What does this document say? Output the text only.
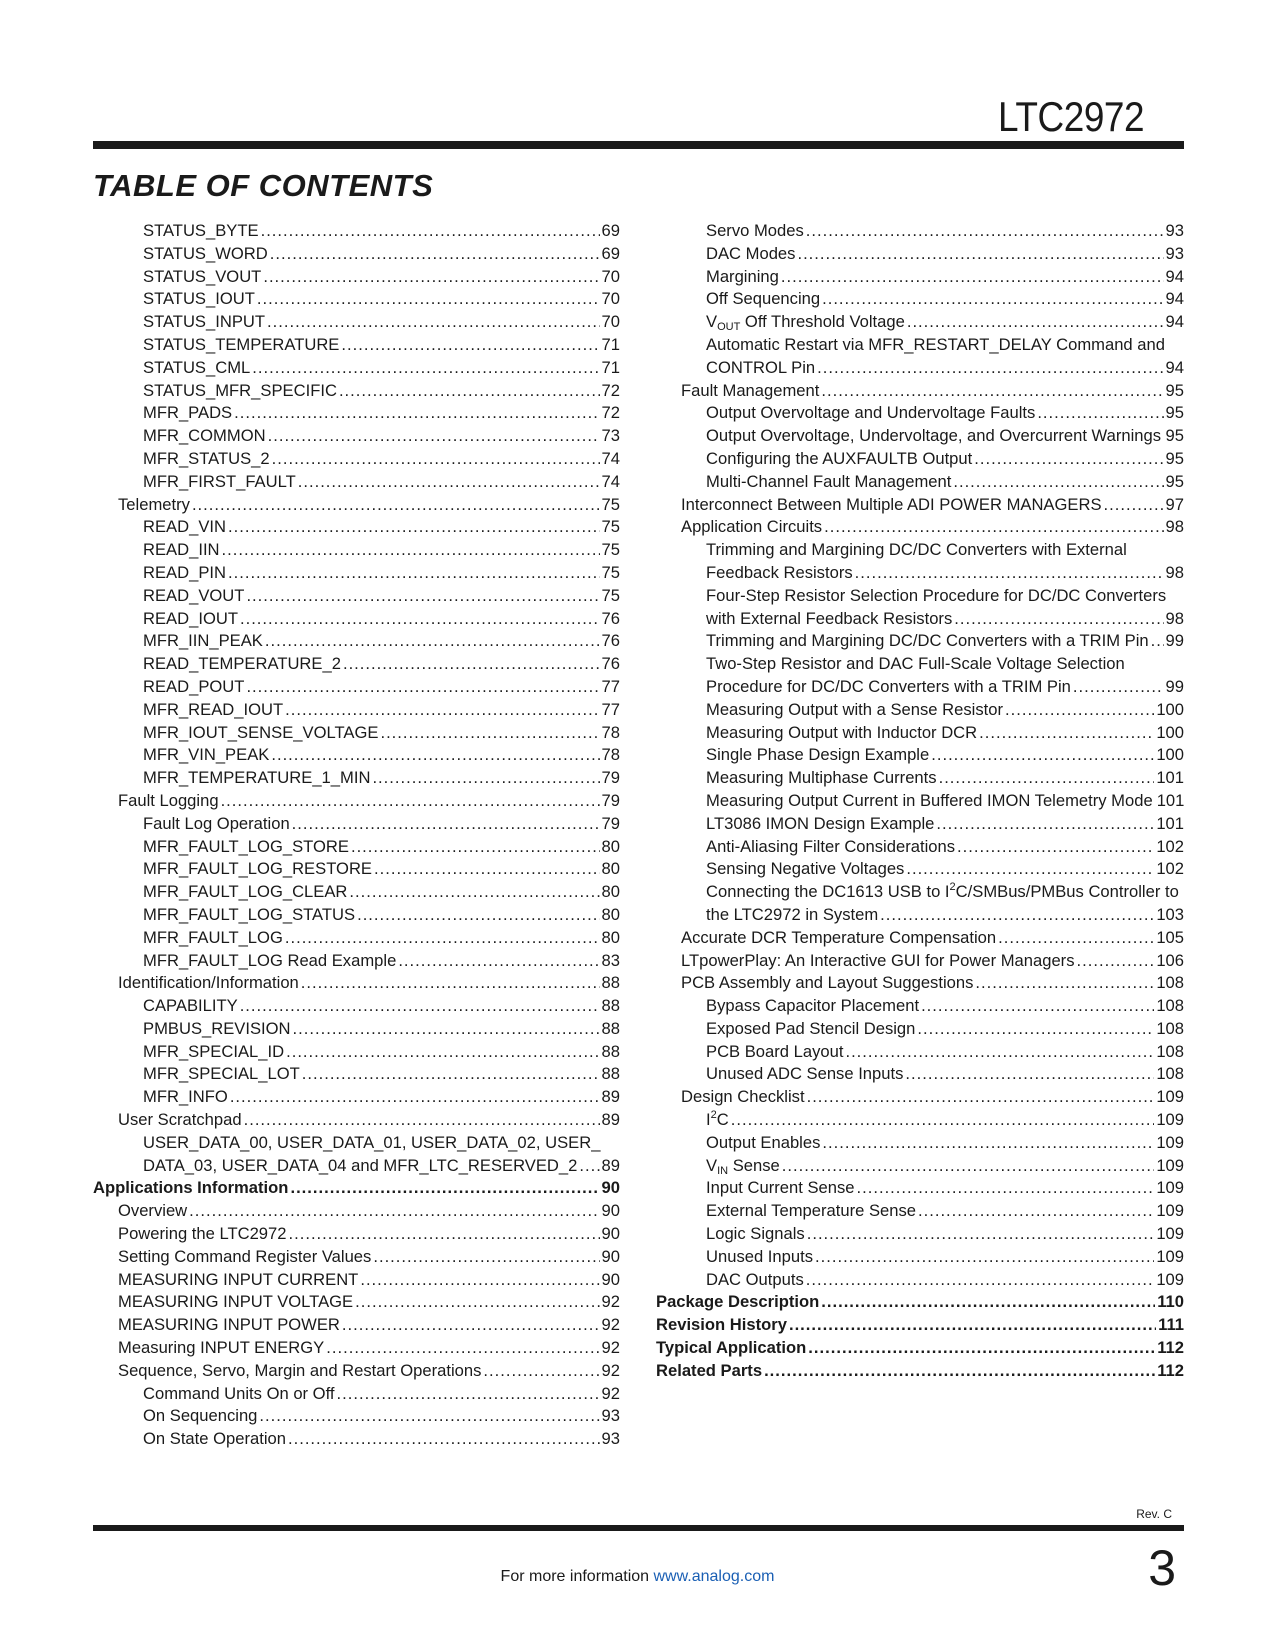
LTC2972
TABLE OF CONTENTS
STATUS_BYTE .....	69
STATUS_WORD .....	69
STATUS_VOUT .....	70
STATUS_IOUT .....	70
STATUS_INPUT .....	70
STATUS_TEMPERATURE .....	71
STATUS_CML .....	71
STATUS_MFR_SPECIFIC .....	72
MFR_PADS .....	72
MFR_COMMON .....	73
MFR_STATUS_2 .....	74
MFR_FIRST_FAULT .....	74
Telemetry .....	75
READ_VIN .....	75
READ_IIN .....	75
READ_PIN .....	75
READ_VOUT .....	75
READ_IOUT .....	76
MFR_IIN_PEAK .....	76
READ_TEMPERATURE_2 .....	76
READ_POUT .....	77
MFR_READ_IOUT .....	77
MFR_IOUT_SENSE_VOLTAGE .....	78
MFR_VIN_PEAK .....	78
MFR_TEMPERATURE_1_MIN .....	79
Fault Logging .....	79
Fault Log Operation .....	79
MFR_FAULT_LOG_STORE .....	80
MFR_FAULT_LOG_RESTORE .....	80
MFR_FAULT_LOG_CLEAR .....	80
MFR_FAULT_LOG_STATUS .....	80
MFR_FAULT_LOG .....	80
MFR_FAULT_LOG Read Example .....	83
Identification/Information .....	88
CAPABILITY .....	88
PMBUS_REVISION .....	88
MFR_SPECIAL_ID .....	88
MFR_SPECIAL_LOT .....	88
MFR_INFO .....	89
User Scratchpad .....	89
USER_DATA_00, USER_DATA_01, USER_DATA_02, USER_
DATA_03, USER_DATA_04 and MFR_LTC_RESERVED_2 ..... 89
Applications Information .....	90
Overview .....	90
Powering the LTC2972 .....	90
Setting Command Register Values .....	90
MEASURING INPUT CURRENT .....	90
MEASURING INPUT VOLTAGE .....	92
MEASURING INPUT POWER .....	92
Measuring INPUT ENERGY .....	92
Sequence, Servo, Margin and Restart Operations .....	92
Command Units On or Off .....	92
On Sequencing .....	93
On State Operation .....	93
Servo Modes .....	93
DAC Modes .....	93
Margining .....	94
Off Sequencing .....	94
$V_{OUT}$ Off Threshold Voltage .....	94
Automatic Restart via MFR_RESTART_DELAY Command and
CONTROL Pin .....	94
Fault Management .....	95
Output Overvoltage and Undervoltage Faults .....	95
Output Overvoltage, Undervoltage, and Overcurrent Warnings ..... 95
Configuring the AUXFAULTB Output .....	95
Multi-Channel Fault Management .....	95
Interconnect Between Multiple ADI POWER MANAGERS .....	97
Application Circuits .....	98
Trimming and Margining DC/DC Converters with External
Feedback Resistors .....	98
Four-Step Resistor Selection Procedure for DC/DC Converters
with External Feedback Resistors .....	98
Trimming and Margining DC/DC Converters with a TRIM Pin ..... 99
Two-Step Resistor and DAC Full-Scale Voltage Selection
Procedure for DC/DC Converters with a TRIM Pin .....	99
Measuring Output with a Sense Resistor .....	100
Measuring Output with Inductor DCR .....	100
Single Phase Design Example .....	100
Measuring Multiphase Currents .....	101
Measuring Output Current in Buffered IMON Telemetry Mode 101
LT3086 IMON Design Example .....	101
Anti-Aliasing Filter Considerations .....	102
Sensing Negative Voltages .....	102
Connecting the DC1613 USB to $I^2C/SMBus$/PMBus Controller to
the LTC2972 in System .....	103
Accurate DCR Temperature Compensation .....	105
LTpowerPlay: An Interactive GUI for Power Managers .....	106
PCB Assembly and Layout Suggestions .....	108
Bypass Capacitor Placement .....	108
Exposed Pad Stencil Design .....	108
PCB Board Layout .....	108
Unused ADC Sense Inputs .....	108
Design Checklist .....	109
$I^2C$ .....	109
Output Enables .....	109
$V_{IN}$ Sense .....	109
Input Current Sense .....	109
External Temperature Sense .....	109
Logic Signals .....	109
Unused Inputs .....	109
DAC Outputs .....	109
Package Description .....	110
Revision History .....	111
Typical Application .....	112
Related Parts .....	112
Rev. C
For more information www.analog.com	3
